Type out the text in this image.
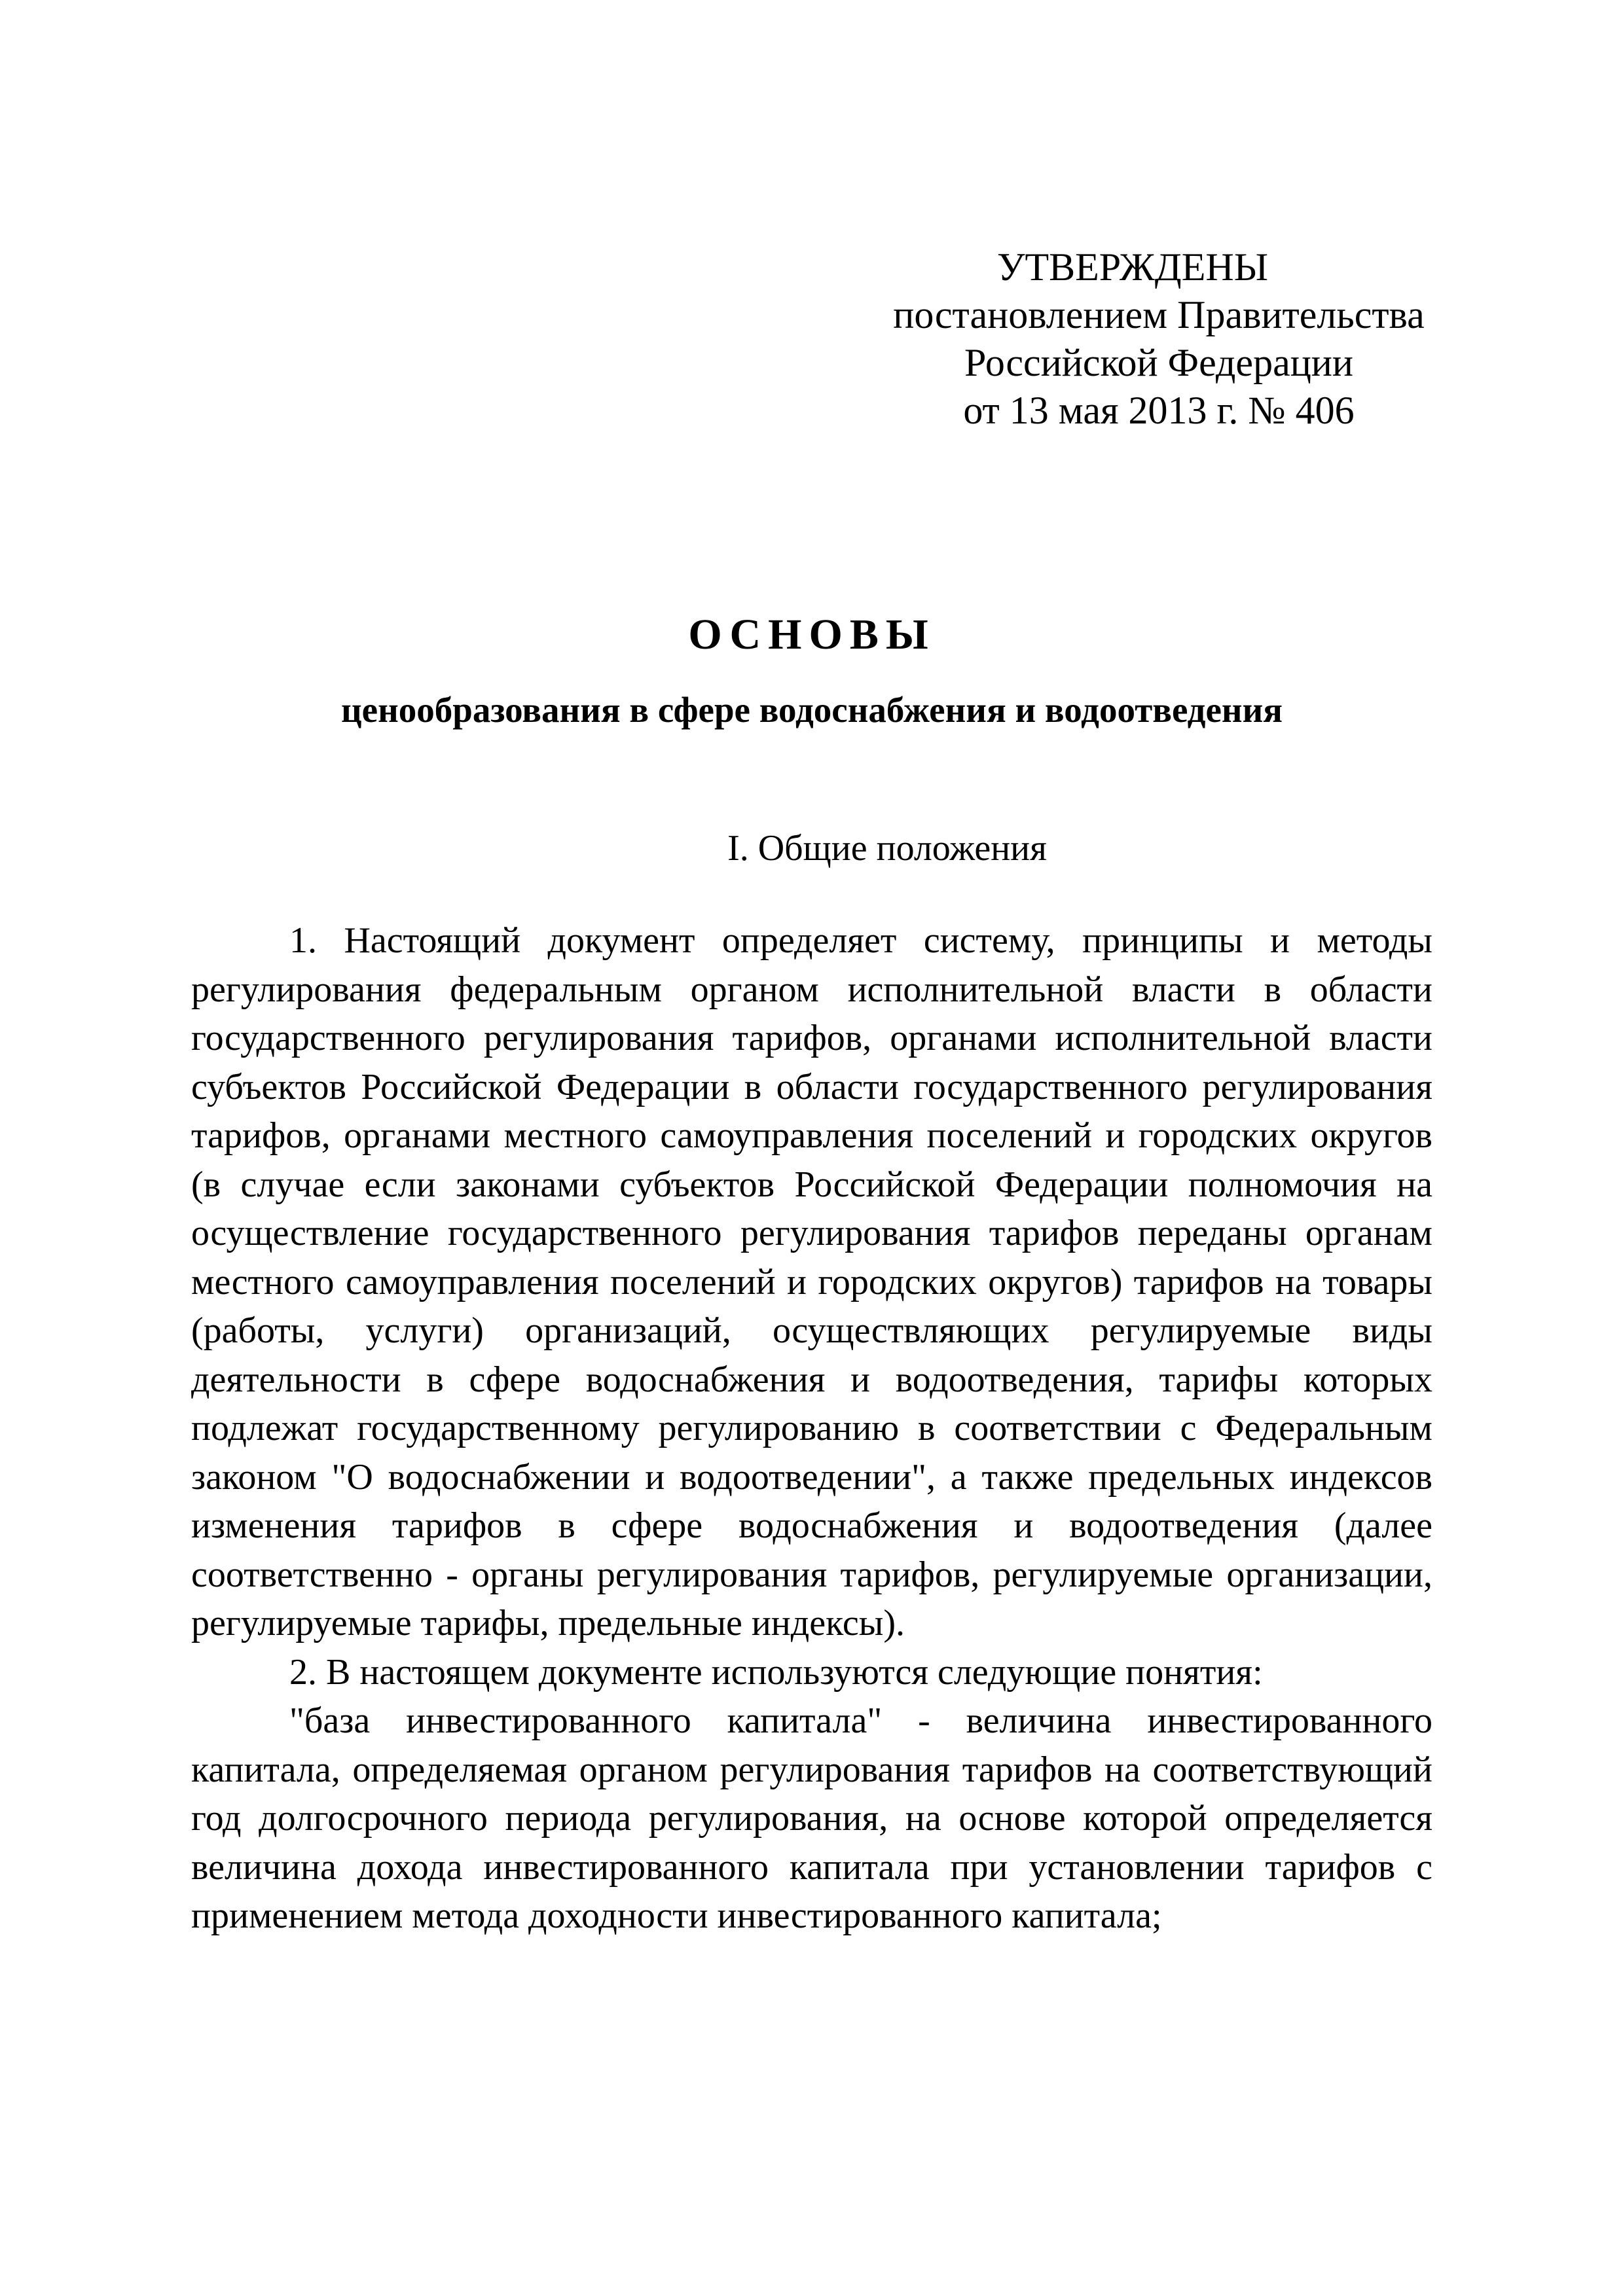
УТВЕРЖДЕНЫ
постановлением Правительства
Российской Федерации
от 13 мая 2013 г. № 406
ОСНОВЫ
ценообразования в сфере водоснабжения и водоотведения
I. Общие положения

1. Настоящий документ определяет систему, принципы и методы регулирования федеральным органом исполнительной власти в области государственного регулирования тарифов, органами исполнительной власти субъектов Российской Федерации в области государственного регулирования тарифов, органами местного самоуправления поселений и городских округов (в случае если законами субъектов Российской Федерации полномочия на осуществление государственного регулирования тарифов переданы органам местного самоуправления поселений и городских округов) тарифов на товары (работы, услуги) организаций, осуществляющих регулируемые виды деятельности в сфере водоснабжения и водоотведения, тарифы которых подлежат государственному регулированию в соответствии с Федеральным законом "О водоснабжении и водоотведении", а также предельных индексов изменения тарифов в сфере водоснабжения и водоотведения (далее соответственно - органы регулирования тарифов, регулируемые организации, регулируемые тарифы, предельные индексы).

2. В настоящем документе используются следующие понятия:

"база инвестированного капитала" - величина инвестированного капитала, определяемая органом регулирования тарифов на соответствующий год долгосрочного периода регулирования, на основе которой определяется величина дохода инвестированного капитала при установлении тарифов с применением метода доходности инвестированного капитала;
